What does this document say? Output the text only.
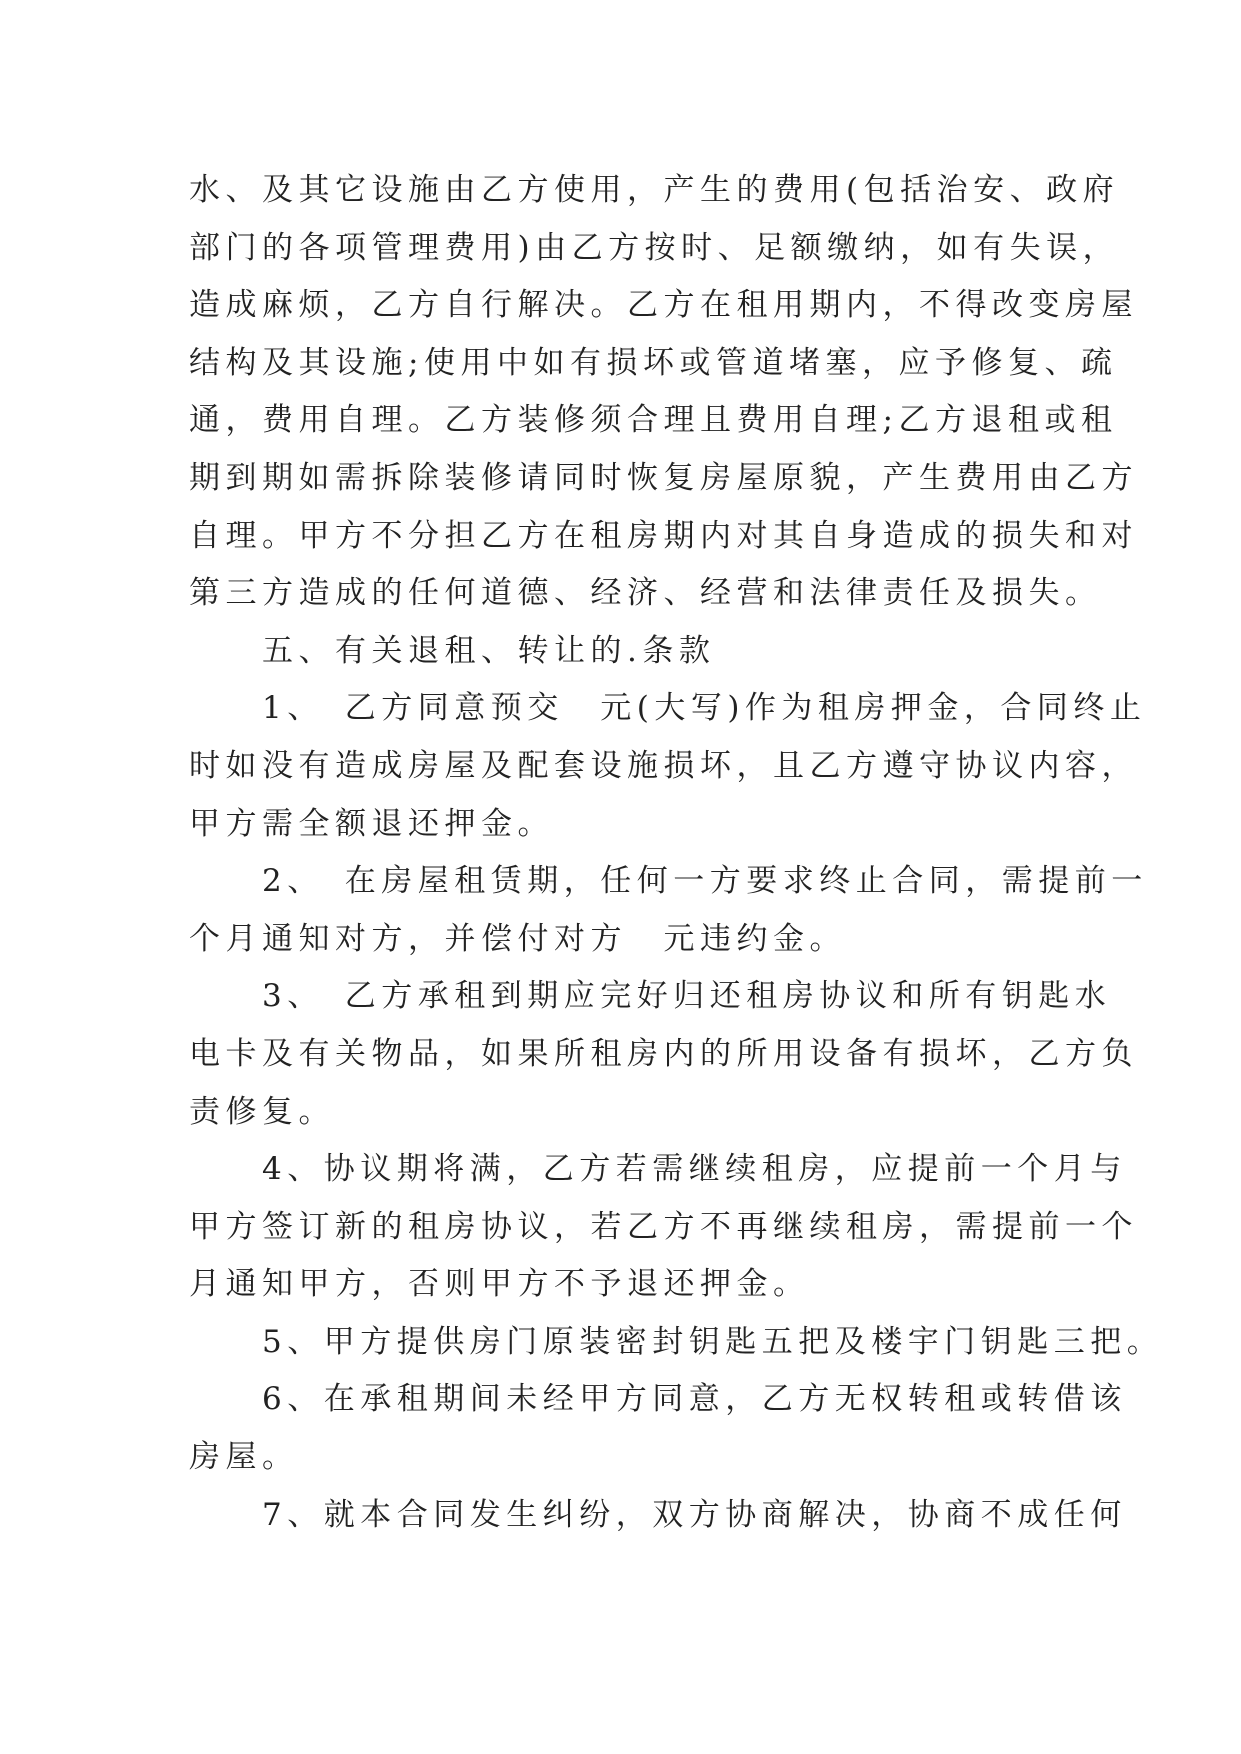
水、及其它设施由乙方使用，产生的费用(包括治安、政府
部门的各项管理费用)由乙方按时、足额缴纳，如有失误，
造成麻烦，乙方自行解决。乙方在租用期内，不得改变房屋
结构及其设施;使用中如有损坏或管道堵塞，应予修复、疏
通，费用自理。乙方装修须合理且费用自理;乙方退租或租
期到期如需拆除装修请同时恢复房屋原貌，产生费用由乙方
自理。甲方不分担乙方在租房期内对其自身造成的损失和对
第三方造成的任何道德、经济、经营和法律责任及损失。
　　五、有关退租、转让的.条款
　　1、　乙方同意预交　元(大写)作为租房押金，合同终止
时如没有造成房屋及配套设施损坏，且乙方遵守协议内容，
甲方需全额退还押金。
　　2、　在房屋租赁期，任何一方要求终止合同，需提前一
个月通知对方，并偿付对方　元违约金。
　　3、　乙方承租到期应完好归还租房协议和所有钥匙水
电卡及有关物品，如果所租房内的所用设备有损坏，乙方负
责修复。
　　4、协议期将满，乙方若需继续租房，应提前一个月与
甲方签订新的租房协议，若乙方不再继续租房，需提前一个
月通知甲方，否则甲方不予退还押金。
　　5、甲方提供房门原装密封钥匙五把及楼宇门钥匙三把。
　　6、在承租期间未经甲方同意，乙方无权转租或转借该
房屋。
　　7、就本合同发生纠纷，双方协商解决，协商不成任何
